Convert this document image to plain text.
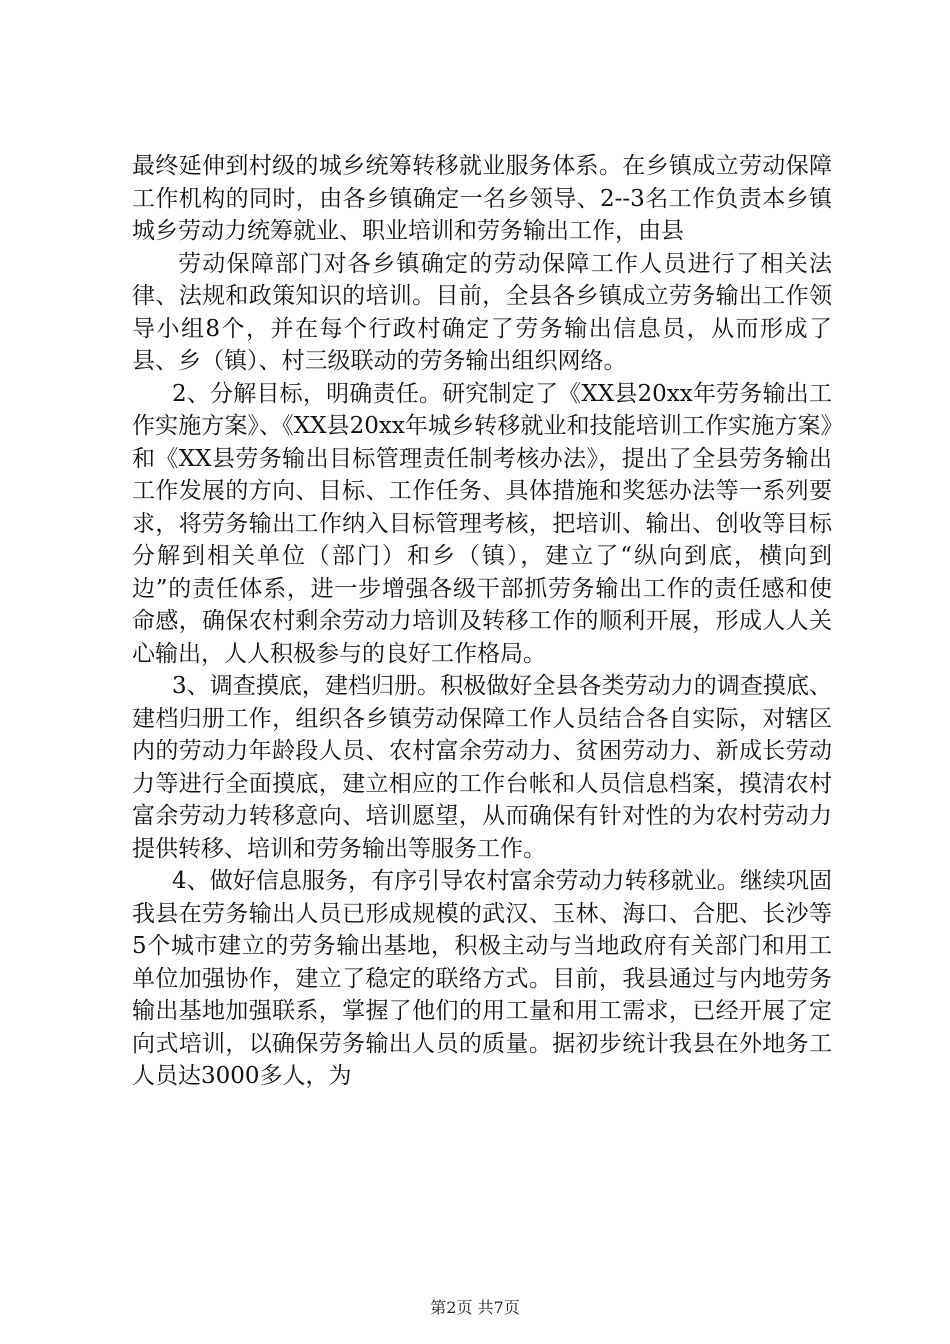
最终延伸到村级的城乡统筹转移就业服务体系。在乡镇成立劳动保障工作机构的同时，由各乡镇确定一名乡领导、2--3名工作负责本乡镇城乡劳动力统筹就业、职业培训和劳务输出工作，由县

劳动保障部门对各乡镇确定的劳动保障工作人员进行了相关法律、法规和政策知识的培训。目前，全县各乡镇成立劳务输出工作领导小组8个，并在每个行政村确定了劳务输出信息员，从而形成了县、乡（镇）、村三级联动的劳务输出组织网络。

2、分解目标，明确责任。研究制定了《XX县20xx年劳务输出工作实施方案》、《XX县20xx年城乡转移就业和技能培训工作实施方案》和《XX县劳务输出目标管理责任制考核办法》，提出了全县劳务输出工作发展的方向、目标、工作任务、具体措施和奖惩办法等一系列要求，将劳务输出工作纳入目标管理考核，把培训、输出、创收等目标分解到相关单位（部门）和乡（镇），建立了“纵向到底，横向到边”的责任体系，进一步增强各级干部抓劳务输出工作的责任感和使命感，确保农村剩余劳动力培训及转移工作的顺利开展，形成人人关心输出，人人积极参与的良好工作格局。

3、调查摸底，建档归册。积极做好全县各类劳动力的调查摸底、建档归册工作，组织各乡镇劳动保障工作人员结合各自实际，对辖区内的劳动力年龄段人员、农村富余劳动力、贫困劳动力、新成长劳动力等进行全面摸底，建立相应的工作台帐和人员信息档案，摸清农村富余劳动力转移意向、培训愿望，从而确保有针对性的为农村劳动力提供转移、培训和劳务输出等服务工作。

4、做好信息服务，有序引导农村富余劳动力转移就业。继续巩固我县在劳务输出人员已形成规模的武汉、玉林、海口、合肥、长沙等5个城市建立的劳务输出基地，积极主动与当地政府有关部门和用工单位加强协作，建立了稳定的联络方式。目前，我县通过与内地劳务输出基地加强联系，掌握了他们的用工量和用工需求，已经开展了定向式培训，以确保劳务输出人员的质量。据初步统计我县在外地务工人员达3000多人，为

第2页 共7页
